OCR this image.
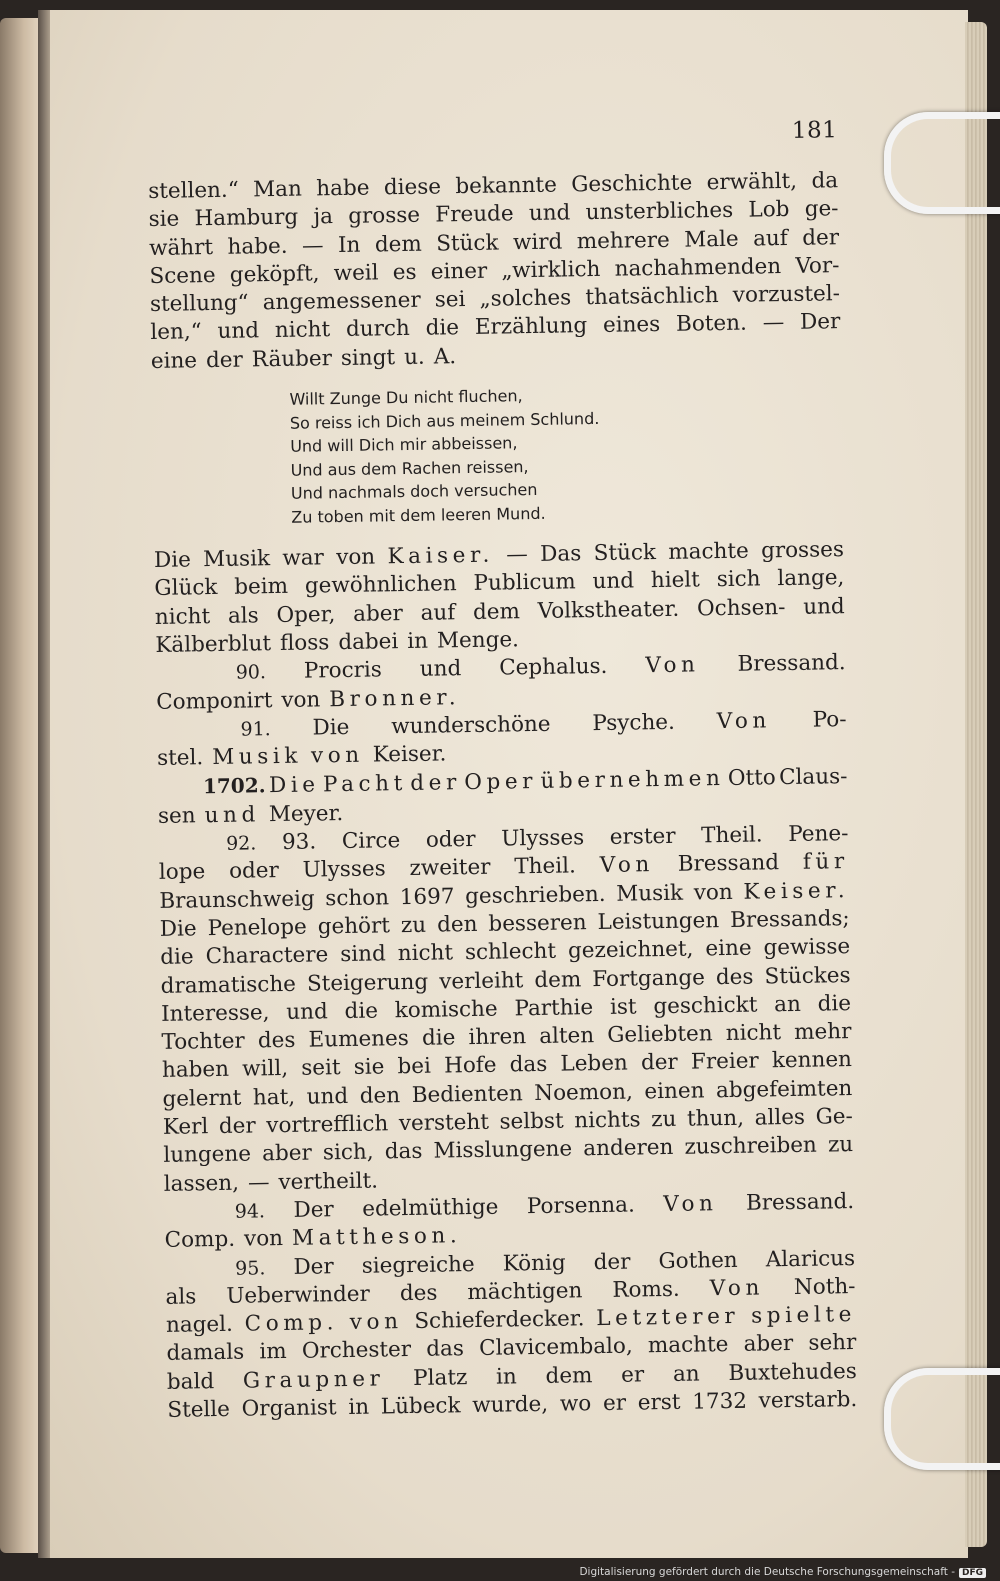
181
stellen.“ Man habe diese bekannte Geschichte erwählt, da
sie Hamburg ja grosse Freude und unsterbliches Lob ge-
währt habe. — In dem Stück wird mehrere Male auf der
Scene geköpft, weil es einer „wirklich nachahmenden Vor-
stellung“ angemessener sei „solches thatsächlich vorzustel-
len,“ und nicht durch die Erzählung eines Boten. — Der
eine der Räuber singt u. A.
Willt Zunge Du nicht fluchen,
So reiss ich Dich aus meinem Schlund.
Und will Dich mir abbeissen,
Und aus dem Rachen reissen,
Und nachmals doch versuchen
Zu toben mit dem leeren Mund.
Die Musik war von Kaiser. — Das Stück machte grosses
Glück beim gewöhnlichen Publicum und hielt sich lange,
nicht als Oper, aber auf dem Volkstheater. Ochsen- und
Kälberblut floss dabei in Menge.
90. Procris und Cephalus. Von Bressand.
Componirt von Bronner.
91. Die wunderschöne Psyche. Von Po-
stel. Musik von Keiser.
1702. Die Pacht der Oper übernehmen Otto Claus-
sen und Meyer.
92. 93. Circe oder Ulysses erster Theil. Pene-
lope oder Ulysses zweiter Theil. Von Bressand für
Braunschweig schon 1697 geschrieben. Musik von Keiser.
Die Penelope gehört zu den besseren Leistungen Bressands;
die Charactere sind nicht schlecht gezeichnet, eine gewisse
dramatische Steigerung verleiht dem Fortgange des Stückes
Interesse, und die komische Parthie ist geschickt an die
Tochter des Eumenes die ihren alten Geliebten nicht mehr
haben will, seit sie bei Hofe das Leben der Freier kennen
gelernt hat, und den Bedienten Noemon, einen abgefeimten
Kerl der vortrefflich versteht selbst nichts zu thun, alles Ge-
lungene aber sich, das Misslungene anderen zuschreiben zu
lassen, — vertheilt.
94. Der edelmüthige Porsenna. Von Bressand.
Comp. von Mattheson.
95. Der siegreiche König der Gothen Alaricus
als Ueberwinder des mächtigen Roms. Von Noth-
nagel. Comp. von Schieferdecker. Letzterer spielte
damals im Orchester das Clavicembalo, machte aber sehr
bald Graupner Platz in dem er an Buxtehudes
Stelle Organist in Lübeck wurde, wo er erst 1732 verstarb.
Digitalisierung gefördert durch die Deutsche Forschungsgemeinschaft - DFG
